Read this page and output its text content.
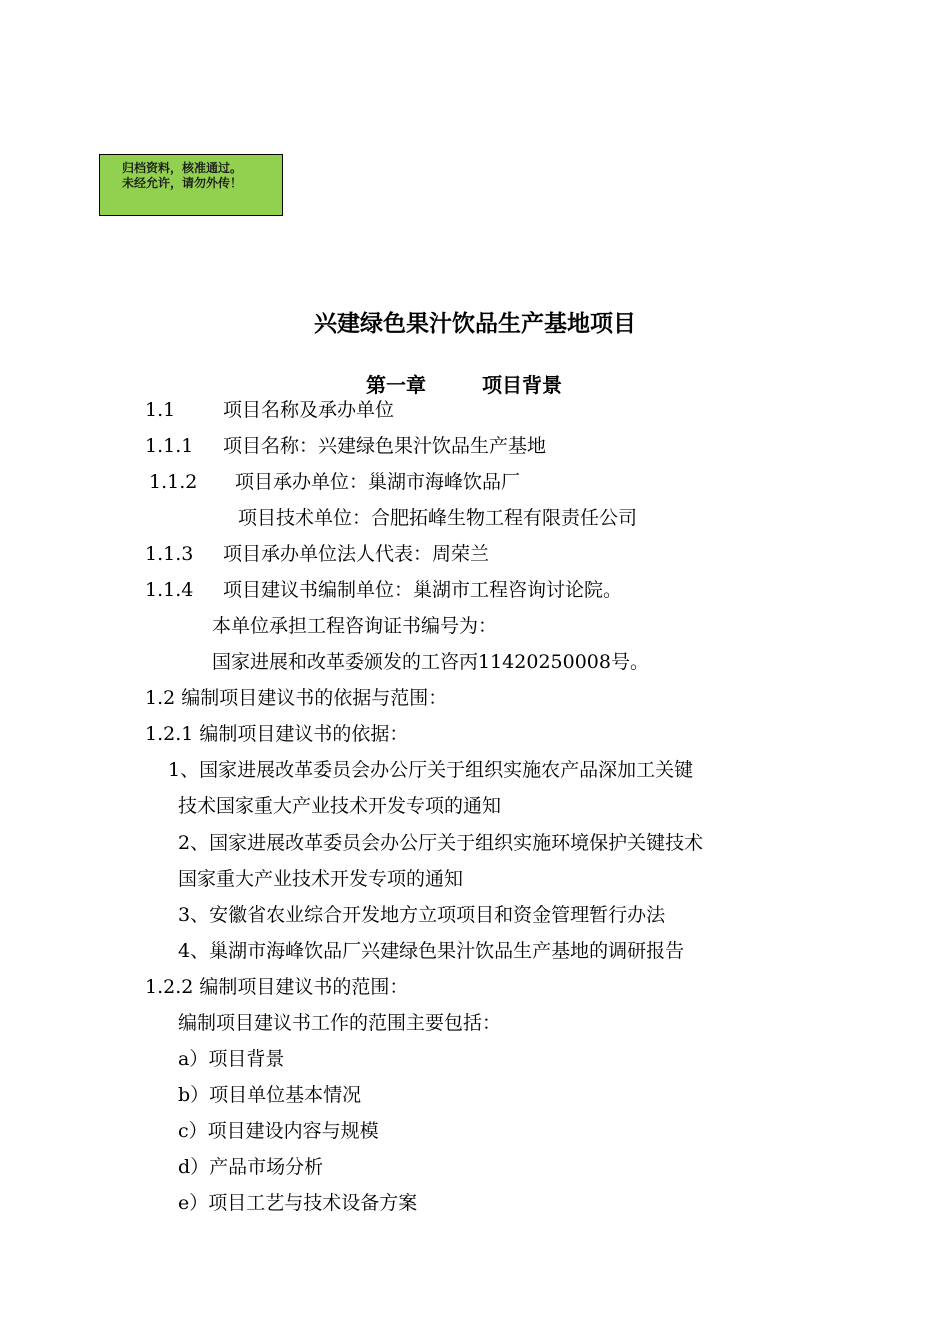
归档资料，核准通过。
未经允许，请勿外传！
兴建绿色果汁饮品生产基地项目
第一章	项目背景
1.1	项目名称及承办单位
1.1.1 项目名称：兴建绿色果汁饮品生产基地
1.1.2 项目承办单位：巢湖市海峰饮品厂
项目技术单位：合肥拓峰生物工程有限责任公司
1.1.3 项目承办单位法人代表：周荣兰
1.1.4 项目建议书编制单位：巢湖市工程咨询讨论院。
本单位承担工程咨询证书编号为：
国家进展和改革委颁发的工咨丙11420250008号。
1.2 编制项目建议书的依据与范围：
1.2.1 编制项目建议书的依据：
1、国家进展改革委员会办公厅关于组织实施农产品深加工关键
技术国家重大产业技术开发专项的通知
2、国家进展改革委员会办公厅关于组织实施环境保护关键技术
国家重大产业技术开发专项的通知
3、安徽省农业综合开发地方立项项目和资金管理暂行办法
4、巢湖市海峰饮品厂兴建绿色果汁饮品生产基地的调研报告
1.2.2 编制项目建议书的范围：
编制项目建议书工作的范围主要包括：
a）项目背景
b）项目单位基本情况
c）项目建设内容与规模
d）产品市场分析
e）项目工艺与技术设备方案
